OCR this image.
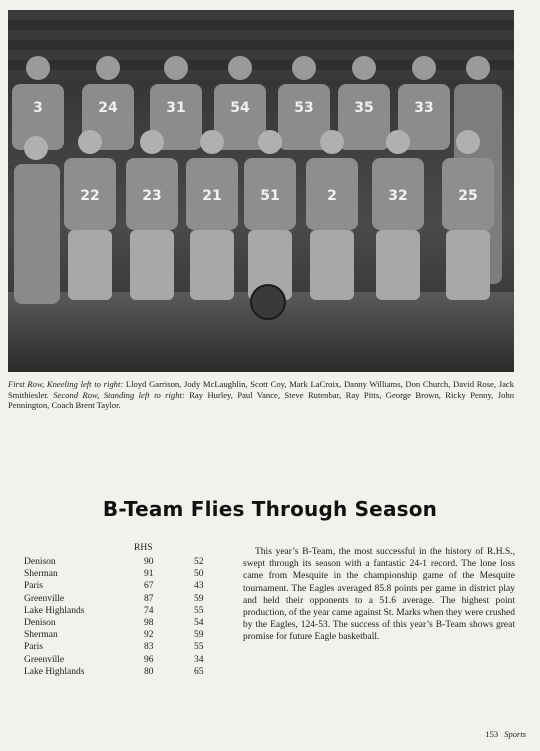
3	24	31	54	53	35	33
22	23	21	51	2	32	25
First Row, Kneeling left to right: Lloyd Garrison, Jody McLaughlin, Scott Coy, Mark LaCroix, Danny Williams, Don Church, David Rose, Jack Smithiesler. Second Row, Standing left to right: Ray Hurley, Paul Vance, Steve Rutenbar, Ray Pitts, George Brown, Ricky Penny, John Pennington, Coach Brent Taylor.
B-Team Flies Through Season
RHS
Denison	90	52
Sherman	91	50
Paris	67	43
Greenville	87	59
Lake Highlands	74	55
Denison	98	54
Sherman	92	59
Paris	83	55
Greenville	96	34
Lake Highlands	80	65
This year’s B-Team, the most successful in the history of R.H.S., swept through its season with a fantastic 24-1 record. The lone loss came from Mesquite in the championship game of the Mesquite tournament. The Eagles averaged 85.8 points per game in district play and held their opponents to a 51.6 average. The highest point production, of the year came against St. Marks when they were crushed by the Eagles, 124-53. The success of this year’s B-Team shows great promise for future Eagle basketball.
153 Sports
